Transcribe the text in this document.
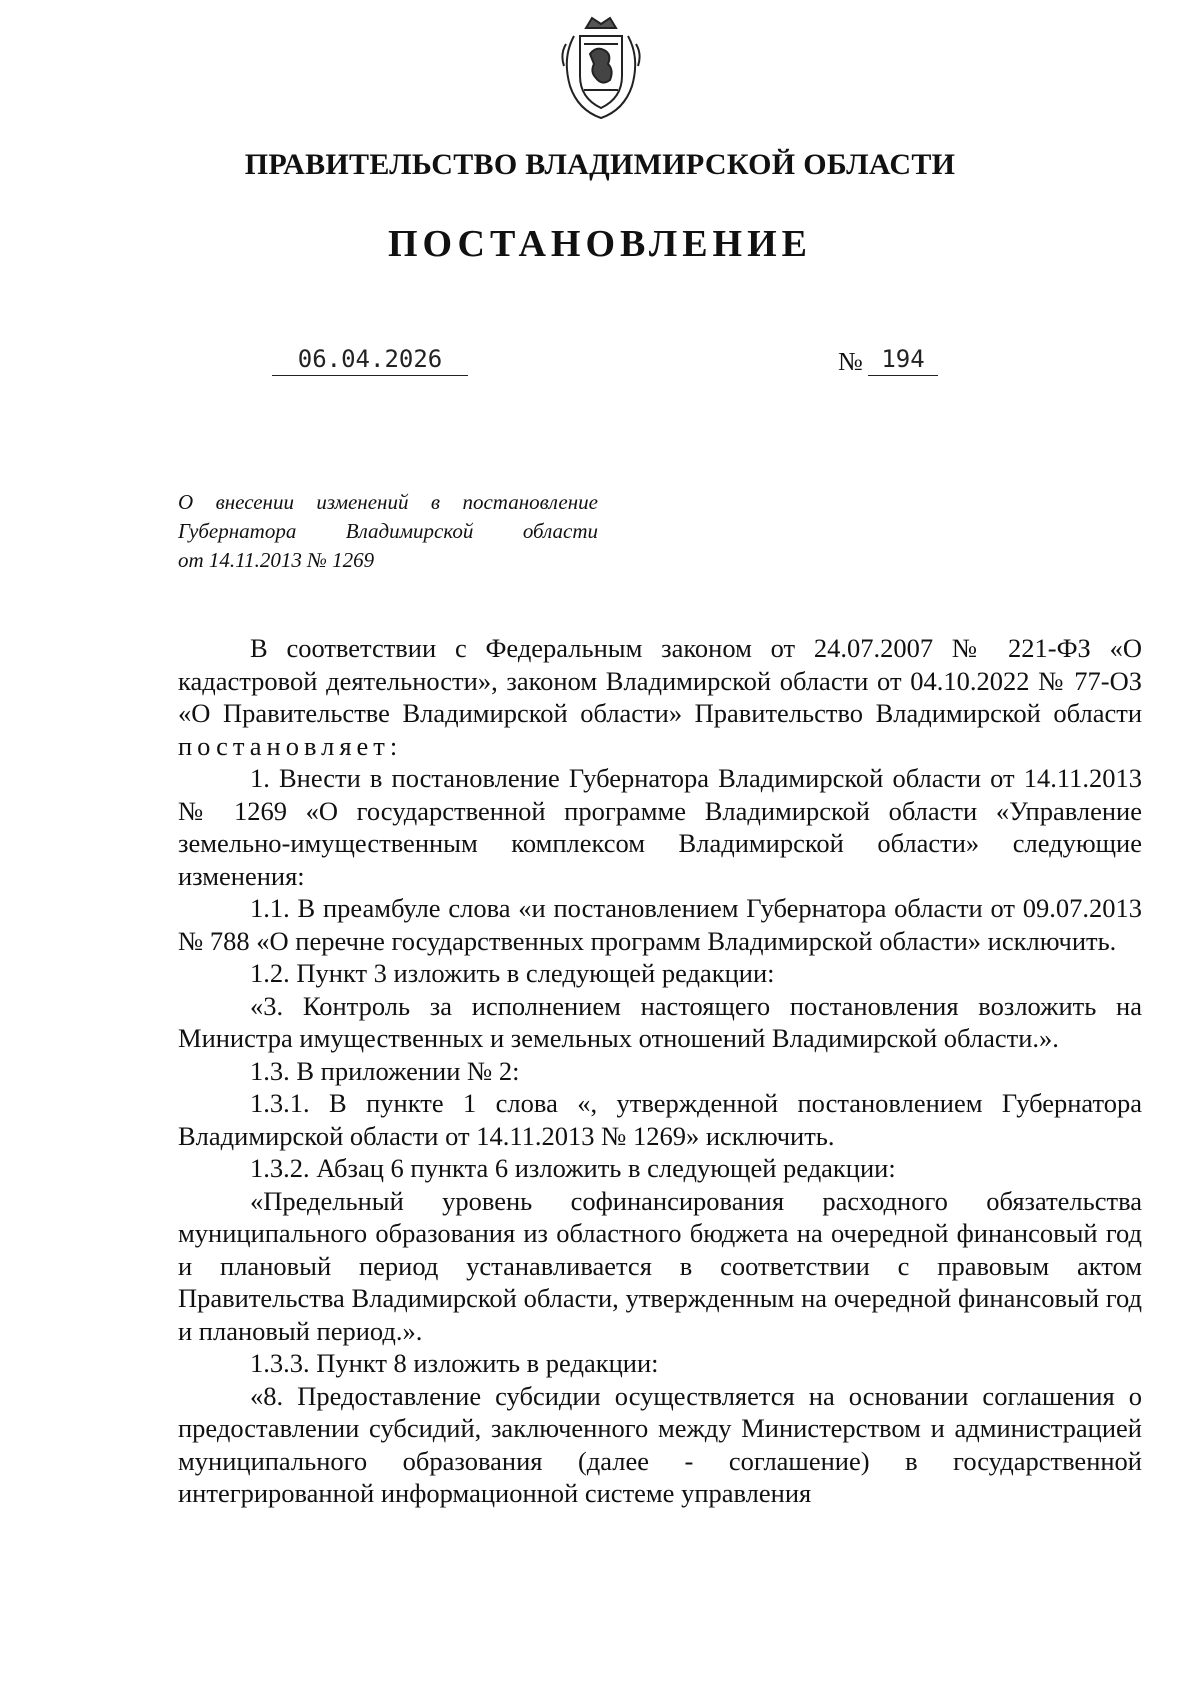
ПРАВИТЕЛЬСТВО ВЛАДИМИРСКОЙ ОБЛАСТИ
ПОСТАНОВЛЕНИЕ
06.04.2026	№ 194
О внесении изменений в постановление
Губернатора Владимирской области
от 14.11.2013 № 1269

В соответствии с Федеральным законом от 24.07.2007 № 221-ФЗ «О кадастровой деятельности», законом Владимирской области от 04.10.2022 № 77-ОЗ «О Правительстве Владимирской области» Правительство Владимирской области постановляет:

1. Внести в постановление Губернатора Владимирской области от 14.11.2013 № 1269 «О государственной программе Владимирской области «Управление земельно-имущественным комплексом Владимирской области» следующие изменения:

1.1. В преамбуле слова «и постановлением Губернатора области от 09.07.2013 № 788 «О перечне государственных программ Владимирской области» исключить.

1.2. Пункт 3 изложить в следующей редакции:

«3. Контроль за исполнением настоящего постановления возложить на Министра имущественных и земельных отношений Владимирской области.».

1.3. В приложении № 2:

1.3.1. В пункте 1 слова «, утвержденной постановлением Губернатора Владимирской области от 14.11.2013 № 1269» исключить.

1.3.2. Абзац 6 пункта 6 изложить в следующей редакции:

«Предельный уровень софинансирования расходного обязательства муниципального образования из областного бюджета на очередной финансовый год и плановый период устанавливается в соответствии с правовым актом Правительства Владимирской области, утвержденным на очередной финансовый год и плановый период.».

1.3.3. Пункт 8 изложить в редакции:

«8. Предоставление субсидии осуществляется на основании соглашения о предоставлении субсидий, заключенного между Министерством и администрацией муниципального образования (далее - соглашение) в государственной интегрированной информационной системе управления
